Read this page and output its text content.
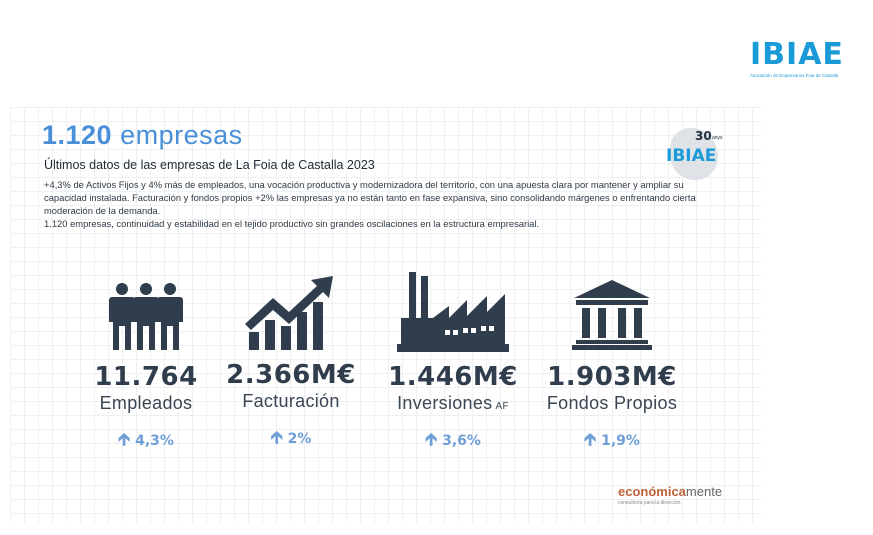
IBIAE
Asociación de Empresarios Foia de Castalla
1.120 empresas
Últimos datos de las empresas de La Foia de Castalla 2023

+4,3% de Activos Fijos y 4% más de empleados, una vocación productiva y modernizadora del territorio, con una apuesta clara por mantener y ampliar su capacidad instalada. Facturación y fondos propios +2% las empresas ya no están tanto en fase expansiva, sino consolidando márgenes o enfrentando cierta moderación de la demanda.

1.120 empresas, continuidad y estabilidad en el tejido productivo sin grandes oscilaciones en la estructura empresarial.

30 anys
IBIAE
11.764
Empleados
🡱 4,3%
2.366M€
Facturación
🡱 2%
1.446M€
Inversiones AF
🡱 3,6%
1.903M€
Fondos Propios
🡱 1,9%
económicamente
consultoría para la dirección
